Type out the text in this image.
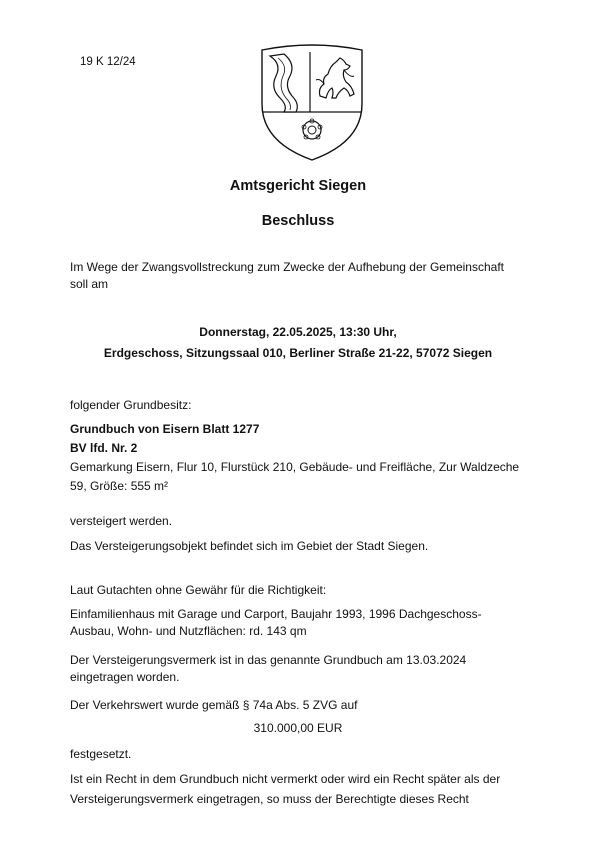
19 K 12/24
Amtsgericht Siegen
Beschluss
Im Wege der Zwangsvollstreckung zum Zwecke der Aufhebung der Gemeinschaft
soll am
Donnerstag, 22.05.2025, 13:30 Uhr,
Erdgeschoss, Sitzungssaal 010, Berliner Straße 21-22, 57072 Siegen
folgender Grundbesitz:
Grundbuch von Eisern Blatt 1277
BV lfd. Nr. 2
Gemarkung Eisern, Flur 10, Flurstück 210, Gebäude- und Freifläche, Zur Waldzeche
59, Größe: 555 m²
versteigert werden.
Das Versteigerungsobjekt befindet sich im Gebiet der Stadt Siegen.
Laut Gutachten ohne Gewähr für die Richtigkeit:
Einfamilienhaus mit Garage und Carport, Baujahr 1993, 1996 Dachgeschoss-
Ausbau, Wohn- und Nutzflächen: rd. 143 qm
Der Versteigerungsvermerk ist in das genannte Grundbuch am 13.03.2024
eingetragen worden.
Der Verkehrswert wurde gemäß § 74a Abs. 5 ZVG auf
310.000,00 EUR
festgesetzt.
Ist ein Recht in dem Grundbuch nicht vermerkt oder wird ein Recht später als der
Versteigerungsvermerk eingetragen, so muss der Berechtigte dieses Recht
